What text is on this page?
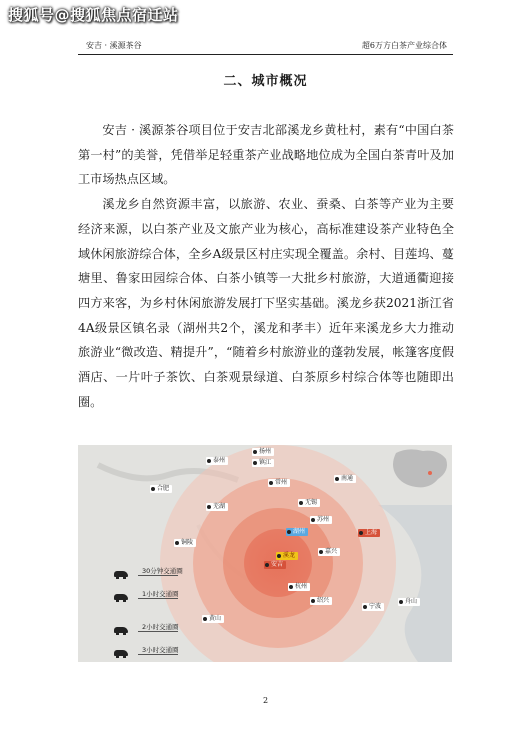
搜狐号@搜狐焦点宿迁站
安吉 · 溪源茶谷	超6万方白茶产业综合体
二、城市概况

安吉 · 溪源茶谷项目位于安吉北部溪龙乡黄杜村，素有“中国白茶第一村”的美誉，凭借举足轻重茶产业战略地位成为全国白茶青叶及加工市场热点区域。

溪龙乡自然资源丰富，以旅游、农业、蚕桑、白茶等产业为主要经济来源，以白茶产业及文旅产业为核心，高标准建设茶产业特色全域休闲旅游综合体，全乡A级景区村庄实现全覆盖。余村、目莲坞、蔓塘里、鲁家田园综合体、白茶小镇等一大批乡村旅游，大道通衢迎接四方来客，为乡村休闲旅游发展打下坚实基础。溪龙乡获2021浙江省4A级景区镇名录（湖州共2个，溪龙和孝丰）近年来溪龙乡大力推动旅游业“微改造、精提升”，“随着乡村旅游业的蓬勃发展，帐篷客度假酒店、一片叶子茶饮、白茶观景绿道、白茶原乡村综合体等也随即出圈。

扬州
泰州	镇江
南通
合肥
常州
无锡
芜湖
苏州
上海
铜陵
湖州
嘉兴
溪龙
安吉
杭州
绍兴
宁波
舟山
黄山
30分钟交通圈
1小时交通圈
2小时交通圈
3小时交通圈
2
